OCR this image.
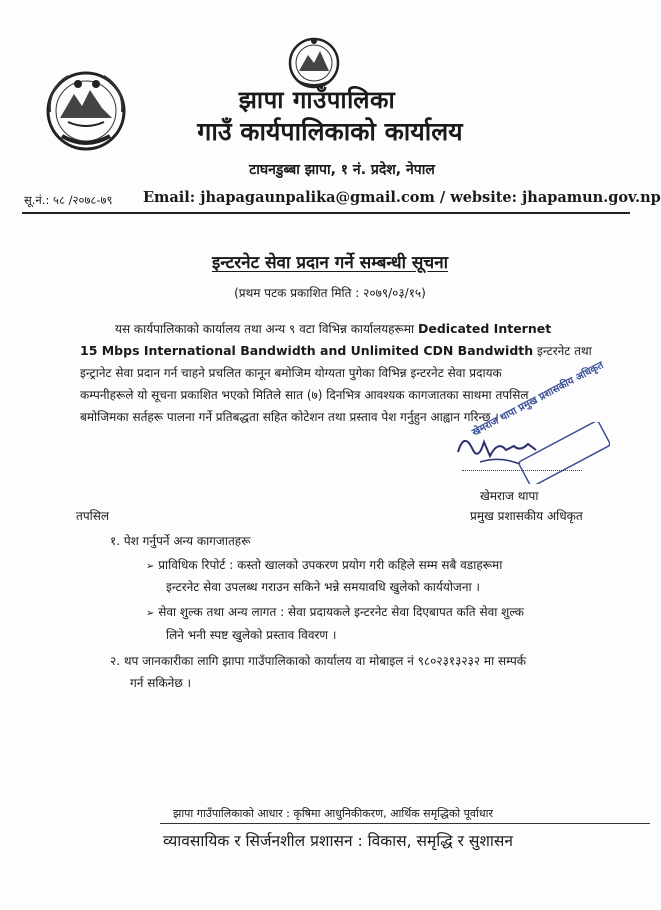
झापा गाउँपालिका
गाउँ कार्यपालिकाको कार्यालय
टाघनडुब्बा झापा, १ नं. प्रदेश, नेपाल
सू.नं.: ५८ /२०७८-७९ Email: jhapagaunpalika@gmail.com / website: jhapamun.gov.np
इन्टरनेट सेवा प्रदान गर्ने सम्बन्धी सूचना
(प्रथम पटक प्रकाशित मिति : २०७९/०३/१५)
यस कार्यपालिकाको कार्यालय तथा अन्य ९ वटा विभिन्न कार्यालयहरूमा Dedicated Internet
15 Mbps International Bandwidth and Unlimited CDN Bandwidth इन्टरनेट तथा
इन्ट्रानेट सेवा प्रदान गर्न चाहने प्रचलित कानून बमोजिम योग्यता पुगेका विभिन्न इन्टरनेट सेवा प्रदायक
कम्पनीहरूले यो सूचना प्रकाशित भएको मितिले सात (७) दिनभित्र आवश्यक कागजातका साथमा तपसिल
बमोजिमका सर्तहरू पालना गर्ने प्रतिबद्धता सहित कोटेशन तथा प्रस्ताव पेश गर्नुहुन आह्वान गरिन्छ ।
खेमराज थापा प्रमुख प्रशासकीय अधिकृत
खेमराज थापा
प्रमुख प्रशासकीय अधिकृत
तपसिल
१. पेश गर्नुपर्ने अन्य कागजातहरू
➢ प्राविधिक रिपोर्ट : कस्तो खालको उपकरण प्रयोग गरी कहिले सम्म सबै वडाहरूमा
इन्टरनेट सेवा उपलब्ध गराउन सकिने भन्ने समयावधि खुलेको कार्ययोजना ।
➢ सेवा शुल्क तथा अन्य लागत : सेवा प्रदायकले इन्टरनेट सेवा दिएबापत कति सेवा शुल्क
लिने भनी स्पष्ट खुलेको प्रस्ताव विवरण ।
२. थप जानकारीका लागि झापा गाउँपालिकाको कार्यालय वा मोबाइल नं ९८०२३१३२३२ मा सम्पर्क
गर्न सकिनेछ ।
झापा गाउँपालिकाको आधार : कृषिमा आधुनिकीकरण, आर्थिक समृद्धिको पूर्वाधार
व्यावसायिक र सिर्जनशील प्रशासन : विकास, समृद्धि र सुशासन
